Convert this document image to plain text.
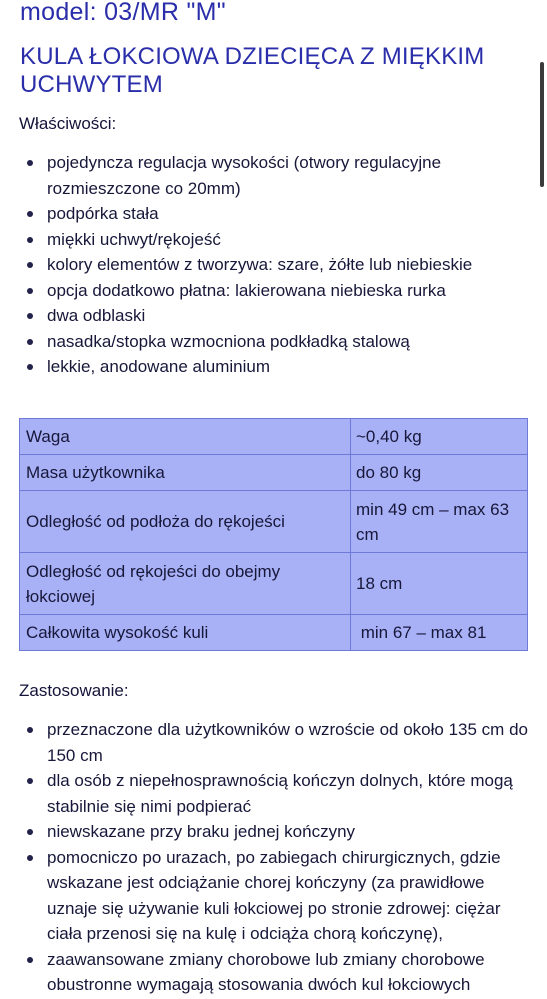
model: 03/MR "M"
KULA ŁOKCIOWA DZIECIĘCA Z MIĘKKIM UCHWYTEM
Właściwości:
pojedyncza regulacja wysokości (otwory regulacyjne rozmieszczone co 20mm)
podpórka stała
miękki uchwyt/rękojeść
kolory elementów z tworzywa: szare, żółte lub niebieskie
opcja dodatkowo płatna: lakierowana niebieska rurka
dwa odblaski
nasadka/stopka wzmocniona podkładką stalową
lekkie, anodowane aluminium
Waga	~0,40 kg
Masa użytkownika	do 80 kg
Odległość od podłoża do rękojeści	min 49 cm – max 63 cm
Odległość od rękojeści do obejmy łokciowej	18 cm
Całkowita wysokość kuli	min 67 – max 81
Zastosowanie:
przeznaczone dla użytkowników o wzroście od około 135 cm do 150 cm
dla osób z niepełnosprawnością kończyn dolnych, które mogą stabilnie się nimi podpierać
niewskazane przy braku jednej kończyny
pomocniczo po urazach, po zabiegach chirurgicznych, gdzie wskazane jest odciążanie chorej kończyny (za prawidłowe uznaje się używanie kuli łokciowej po stronie zdrowej: ciężar ciała przenosi się na kulę i odciąża chorą kończynę),
zaawansowane zmiany chorobowe lub zmiany chorobowe obustronne wymagają stosowania dwóch kul łokciowych
